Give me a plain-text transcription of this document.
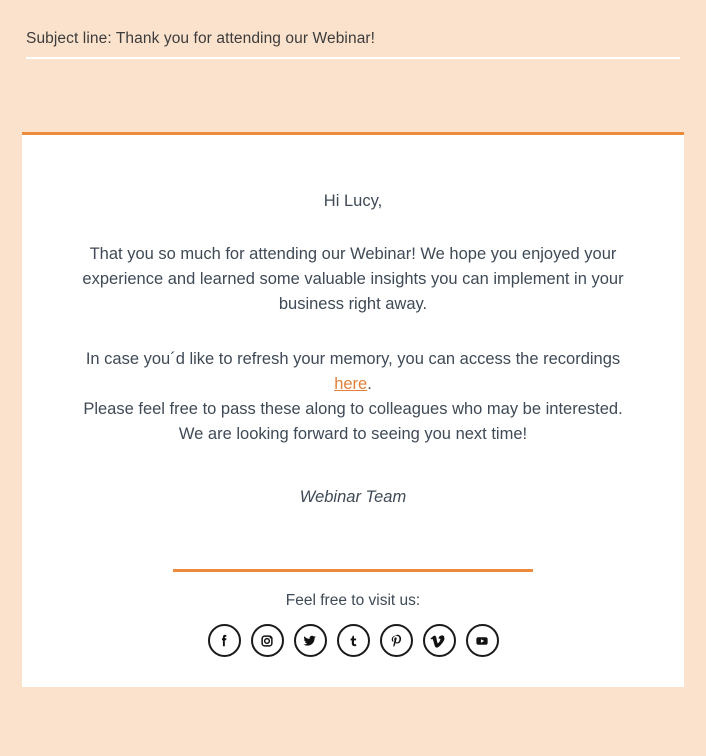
Subject line: Thank you for attending our Webinar!
Hi Lucy,
That you so much for attending our Webinar! We hope you enjoyed your experience and learned some valuable insights you can implement in your business right away.
In case you´d like to refresh your memory, you can access the recordings here.
Please feel free to pass these along to colleagues who may be interested.
We are looking forward to seeing you next time!
Webinar Team
Feel free to visit us:
